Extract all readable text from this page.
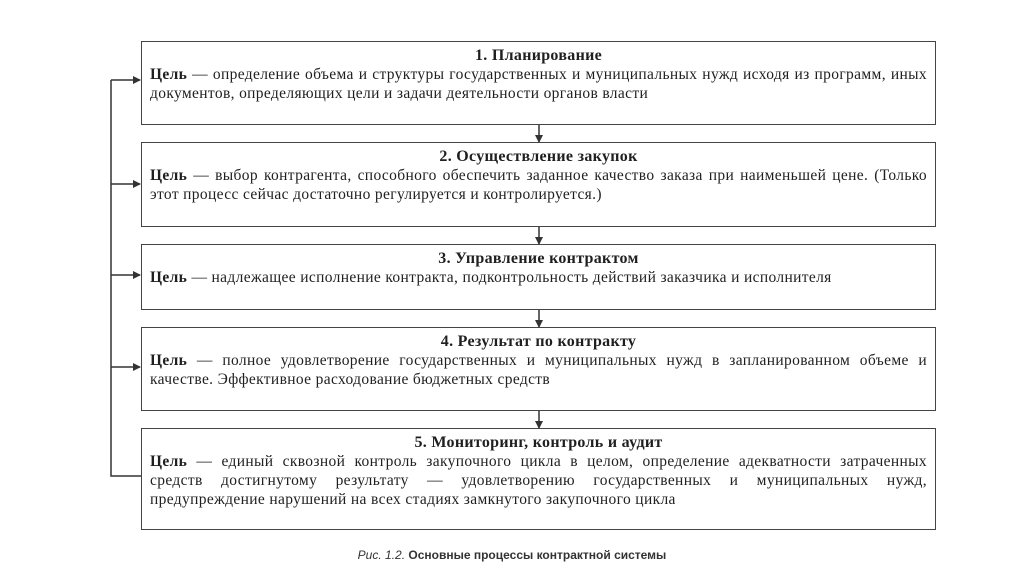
1. Планирование
Цель — определение объема и структуры государственных и муниципальных нужд исходя из программ, иных документов, определяющих цели и задачи деятельности органов власти
2. Осуществление закупок
Цель — выбор контрагента, способного обеспечить заданное качество заказа при наименьшей цене. (Только этот процесс сейчас достаточно регулируется и контролируется.)
3. Управление контрактом
Цель — надлежащее исполнение контракта, подконтрольность действий заказчика и исполнителя
4. Результат по контракту
Цель — полное удовлетворение государственных и муниципальных нужд в запланированном объеме и качестве. Эффективное расходование бюджетных средств
5. Мониторинг, контроль и аудит
Цель — единый сквозной контроль закупочного цикла в целом, определение адекватности затраченных средств достигнутому результату — удовлетворению государственных и муниципальных нужд, предупреждение нарушений на всех стадиях замкнутого закупочного цикла
Рис. 1.2. Основные процессы контрактной системы
